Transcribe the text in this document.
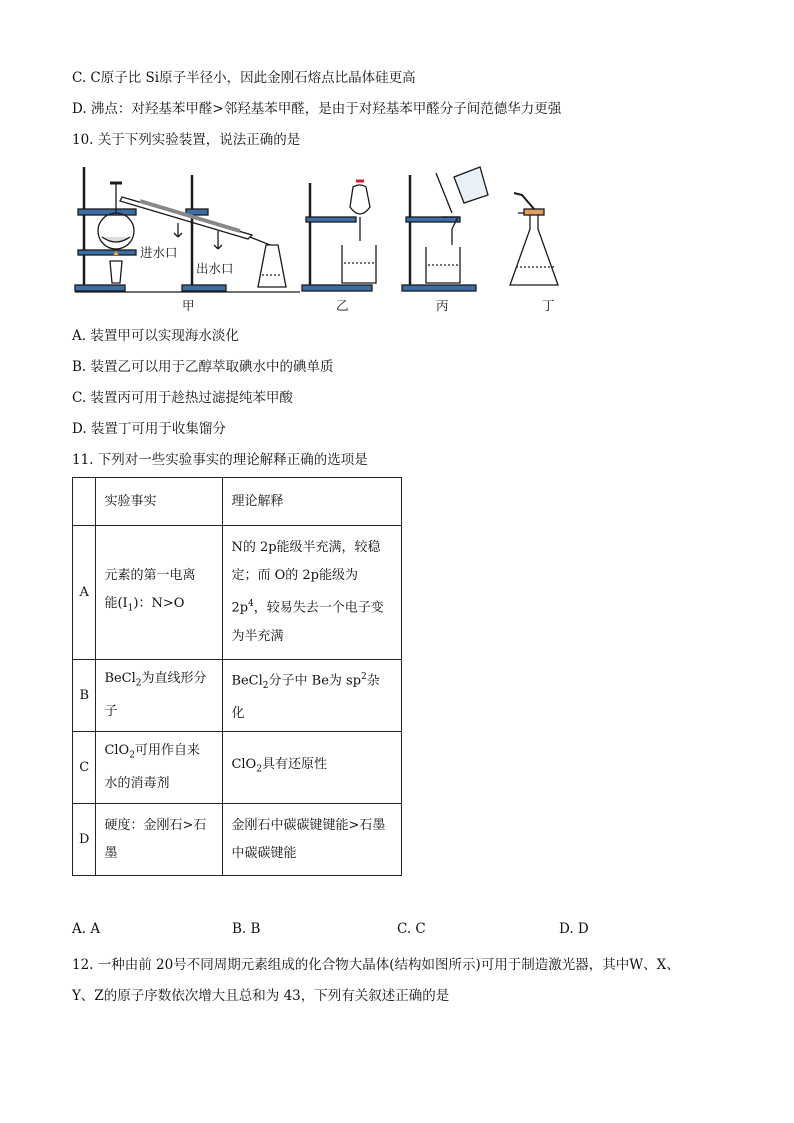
C. C原子比 Si原子半径小，因此金刚石熔点比晶体硅更高
D. 沸点：对羟基苯甲醛>邻羟基苯甲醛，是由于对羟基苯甲醛分子间范德华力更强
10. 关于下列实验装置，说法正确的是
进水口
出水口
甲	乙	丙	丁
A. 装置甲可以实现海水淡化
B. 装置乙可以用于乙醇萃取碘水中的碘单质
C. 装置丙可用于趁热过滤提纯苯甲酸
D. 装置丁可用于收集馏分
11. 下列对一些实验事实的理论解释正确的选项是
	实验事实	理论解释
A	元素的第一电离
能$(I_1)$：N>O	N的 2p能级半充满，较稳
定；而 O的 2p能级为
$2p^4$，较易失去一个电子变
为半充满
B	BeCl$_2$为直线形分
子	BeCl$_2$分子中 Be为 $sp^2$杂
化
C	ClO$_2$可用作自来
水的消毒剂	ClO$_2$具有还原性
D	硬度：金刚石>石
墨	金刚石中碳碳键键能>石墨
中碳碳键能
A. A	B. B	C. C	D. D
12. 一种由前 20号不同周期元素组成的化合物大晶体(结构如图所示)可用于制造激光器，其中W、X、
Y、Z的原子序数依次增大且总和为 43，下列有关叙述正确的是
